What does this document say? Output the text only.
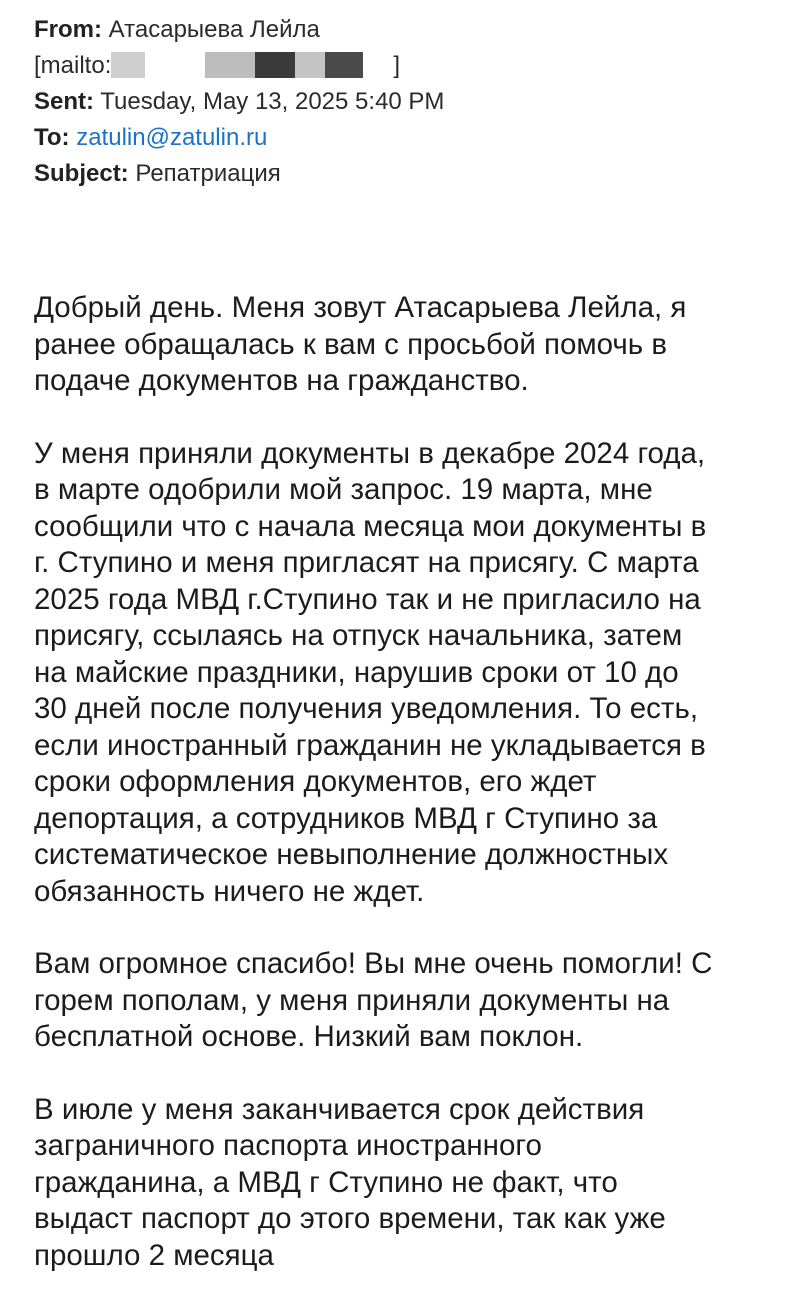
From: Атасарыева Лейла
[mailto:	]
Sent: Tuesday, May 13, 2025 5:40 PM
To: zatulin@zatulin.ru
Subject: Репатриация

Добрый день. Меня зовут Атасарыева Лейла, я
ранее обращалась к вам с просьбой помочь в
подаче документов на гражданство.

У меня приняли документы в декабре 2024 года,
в марте одобрили мой запрос. 19 марта, мне
сообщили что с начала месяца мои документы в
г. Ступино и меня пригласят на присягу. С марта
2025 года МВД г.Ступино так и не пригласило на
присягу, ссылаясь на отпуск начальника, затем
на майские праздники, нарушив сроки от 10 до
30 дней после получения уведомления. То есть,
если иностранный гражданин не укладывается в
сроки оформления документов, его ждет
депортация, а сотрудников МВД г Ступино за
систематическое невыполнение должностных
обязанность ничего не ждет.

Вам огромное спасибо! Вы мне очень помогли! С
горем пополам, у меня приняли документы на
бесплатной основе. Низкий вам поклон.

В июле у меня заканчивается срок действия
заграничного паспорта иностранного
гражданина, а МВД г Ступино не факт, что
выдаст паспорт до этого времени, так как уже
прошло 2 месяца
